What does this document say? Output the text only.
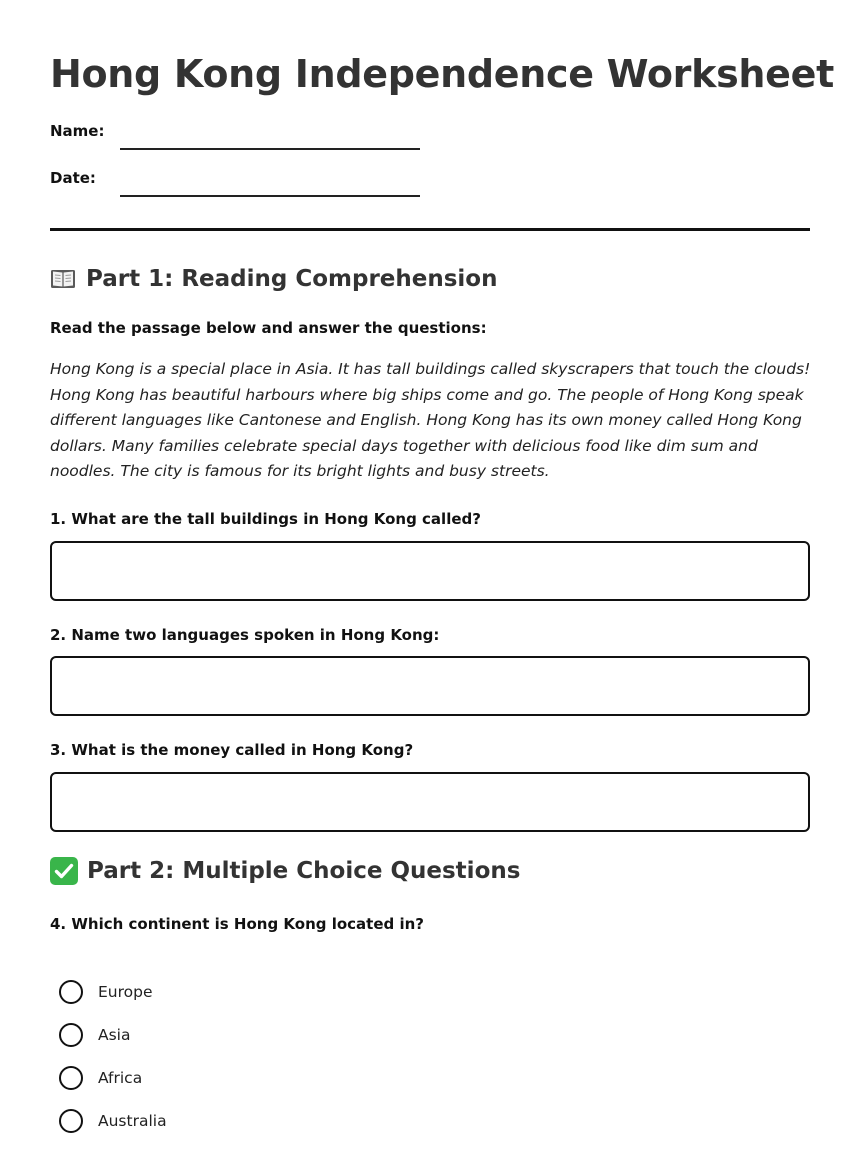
Hong Kong Independence Worksheet
Name:
Date:
Part 1: Reading Comprehension
Read the passage below and answer the questions:

Hong Kong is a special place in Asia. It has tall buildings called skyscrapers that touch the clouds! Hong Kong has beautiful harbours where big ships come and go. The people of Hong Kong speak different languages like Cantonese and English. Hong Kong has its own money called Hong Kong dollars. Many families celebrate special days together with delicious food like dim sum and noodles. The city is famous for its bright lights and busy streets.

1. What are the tall buildings in Hong Kong called?
2. Name two languages spoken in Hong Kong:
3. What is the money called in Hong Kong?
Part 2: Multiple Choice Questions
4. Which continent is Hong Kong located in?
Europe
Asia
Africa
Australia
